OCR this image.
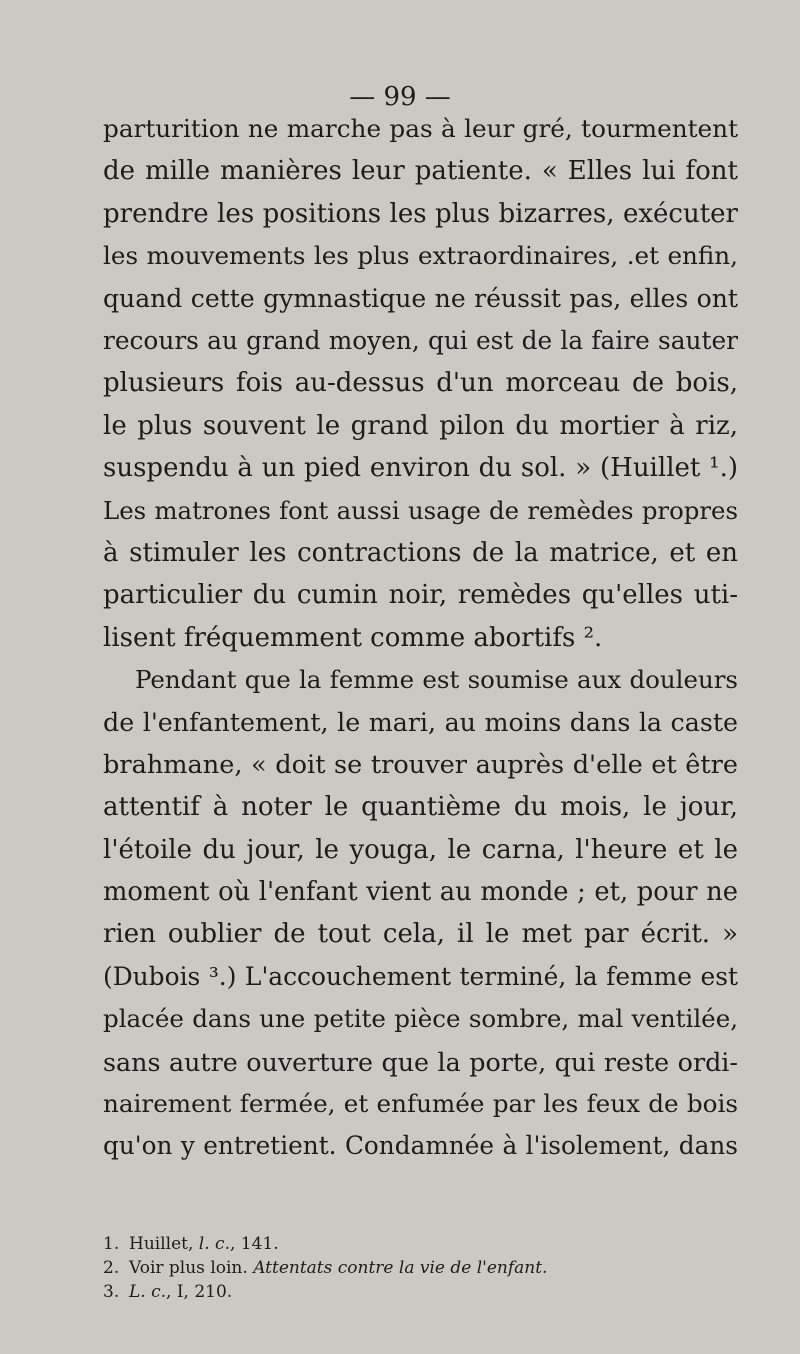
— 99 —
parturition ne marche pas à leur gré, tourmentent
de mille manières leur patiente. « Elles lui font
prendre les positions les plus bizarres, exécuter
les mouvements les plus extraordinaires, .et enfin,
quand cette gymnastique ne réussit pas, elles ont
recours au grand moyen, qui est de la faire sauter
plusieurs fois au-dessus d'un morceau de bois,
le plus souvent le grand pilon du mortier à riz,
suspendu à un pied environ du sol. » (Huillet ¹.)
Les matrones font aussi usage de remèdes propres
à stimuler les contractions de la matrice, et en
particulier du cumin noir, remèdes qu'elles uti-
lisent fréquemment comme abortifs ².
Pendant que la femme est soumise aux douleurs
de l'enfantement, le mari, au moins dans la caste
brahmane, « doit se trouver auprès d'elle et être
attentif à noter le quantième du mois, le jour,
l'étoile du jour, le youga, le carna, l'heure et le
moment où l'enfant vient au monde ; et, pour ne
rien oublier de tout cela, il le met par écrit. »
(Dubois ³.) L'accouchement terminé, la femme est
placée dans une petite pièce sombre, mal ventilée,
sans autre ouverture que la porte, qui reste ordi-
nairement fermée, et enfumée par les feux de bois
qu'on y entretient. Condamnée à l'isolement, dans
1. Huillet, l. c., 141.
2. Voir plus loin. Attentats contre la vie de l'enfant.
3. L. c., I, 210.
